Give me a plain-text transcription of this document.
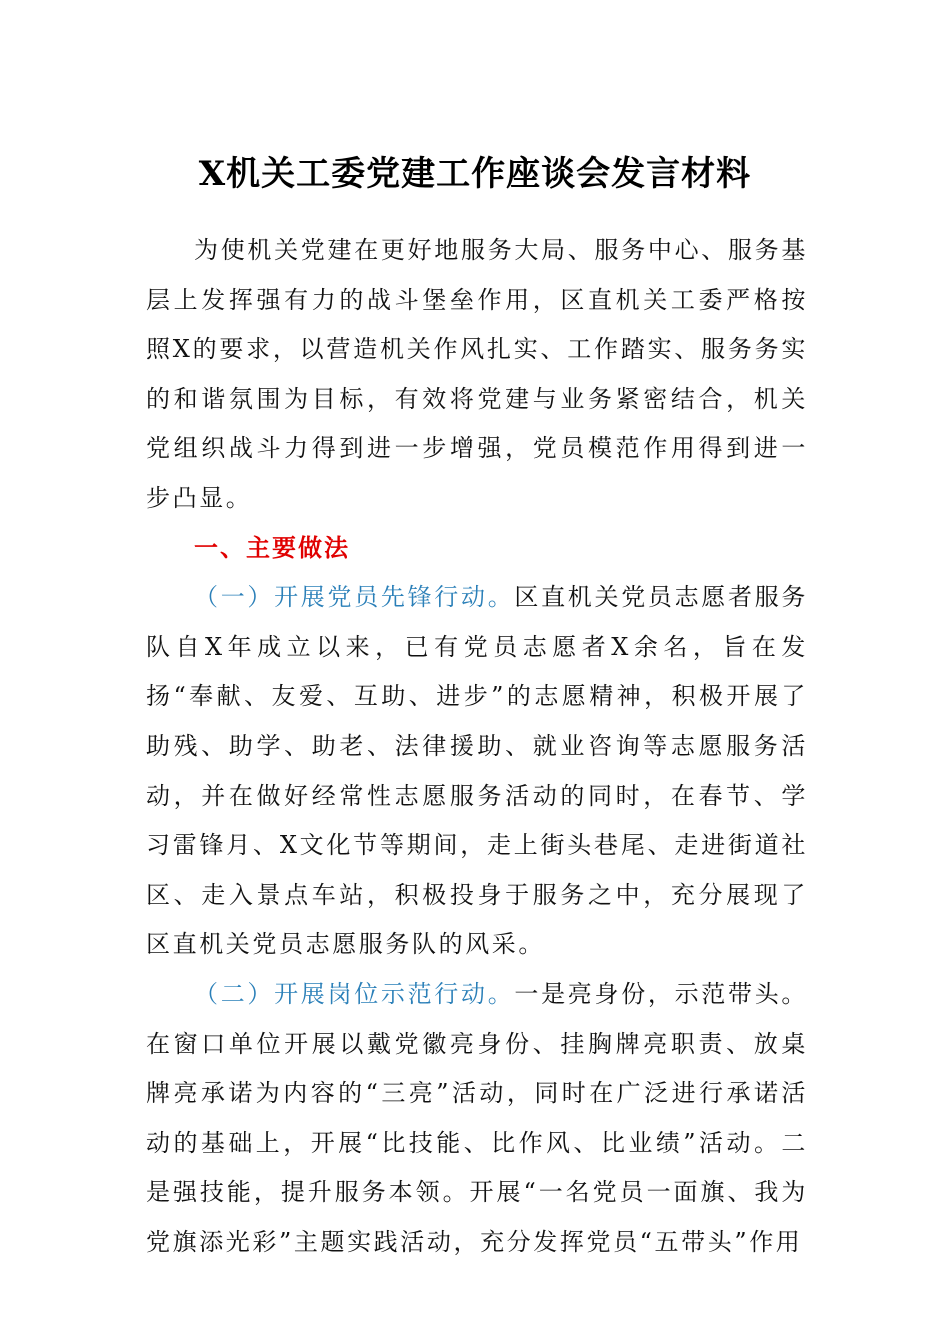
X机关工委党建工作座谈会发言材料

为使机关党建在更好地服务大局、服务中心、服务基层上发挥强有力的战斗堡垒作用，区直机关工委严格按照X的要求，以营造机关作风扎实、工作踏实、服务务实的和谐氛围为目标，有效将党建与业务紧密结合，机关党组织战斗力得到进一步增强，党员模范作用得到进一步凸显。

一、主要做法

（一）开展党员先锋行动。区直机关党员志愿者服务队自X年成立以来，已有党员志愿者X余名，旨在发扬“奉献、友爱、互助、进步”的志愿精神，积极开展了助残、助学、助老、法律援助、就业咨询等志愿服务活动，并在做好经常性志愿服务活动的同时，在春节、学习雷锋月、X文化节等期间，走上街头巷尾、走进街道社区、走入景点车站，积极投身于服务之中，充分展现了区直机关党员志愿服务队的风采。

（二）开展岗位示范行动。一是亮身份，示范带头。在窗口单位开展以戴党徽亮身份、挂胸牌亮职责、放桌牌亮承诺为内容的“三亮”活动，同时在广泛进行承诺活动的基础上，开展“比技能、比作风、比业绩”活动。二是强技能，提升服务本领。开展“一名党员一面旗、我为党旗添光彩”主题实践活动，充分发挥党员“五带头”作用
